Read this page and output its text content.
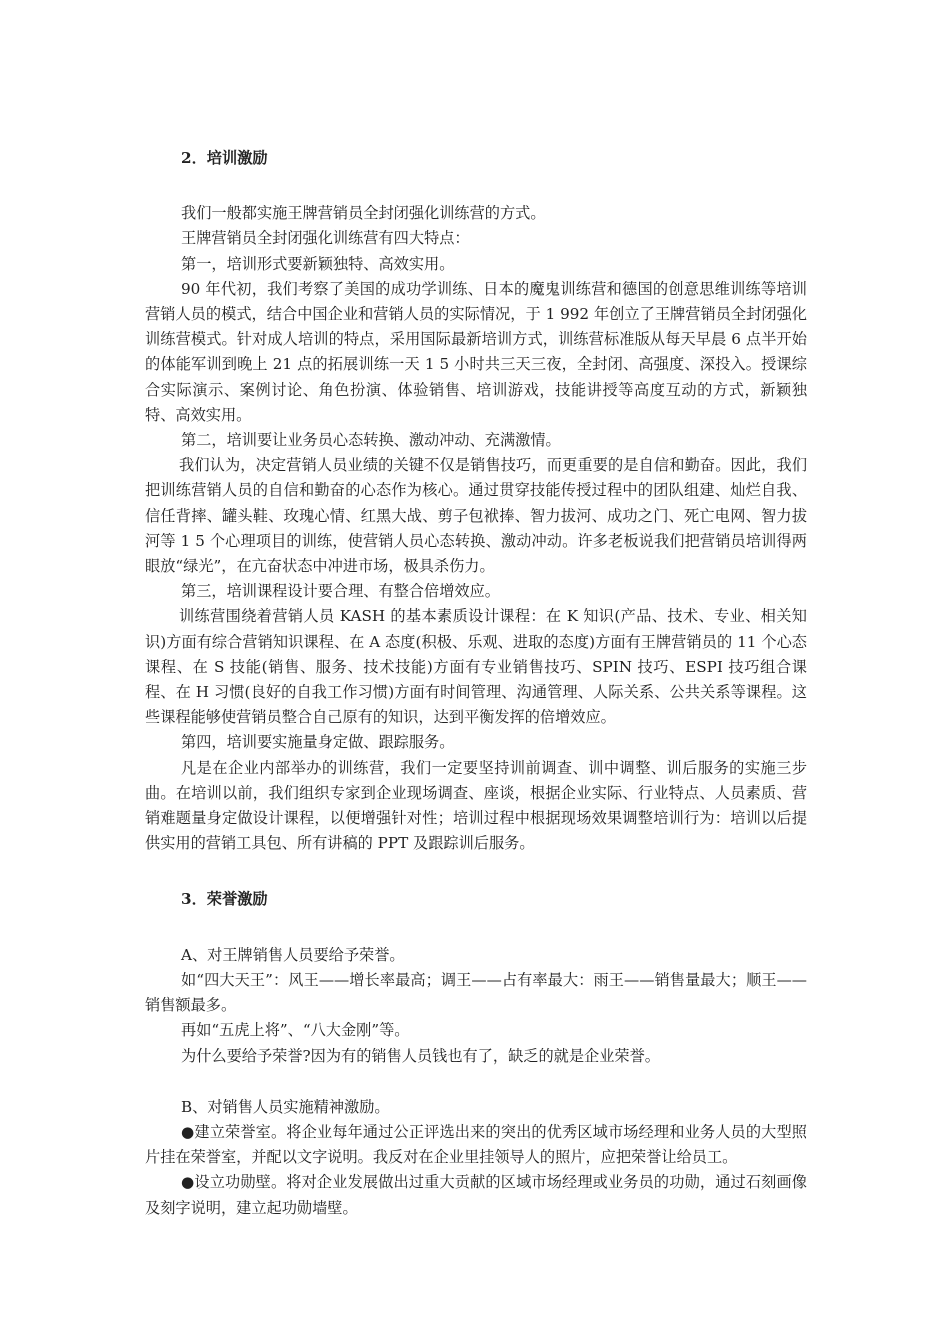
2．培训激励

我们一般都实施王牌营销员全封闭强化训练营的方式。

王牌营销员全封闭强化训练营有四大特点：

第一，培训形式要新颖独特、高效实用。

90 年代初，我们考察了美国的成功学训练、日本的魔鬼训练营和德国的创意思维训练等培训营销人员的模式，结合中国企业和营销人员的实际情况，于 1 992 年创立了王牌营销员全封闭强化训练营模式。针对成人培训的特点，采用国际最新培训方式，训练营标准版从每天早晨 6 点半开始的体能军训到晚上 21 点的拓展训练一天 1 5 小时共三天三夜，全封闭、高强度、深投入。授课综合实际演示、案例讨论、角色扮演、体验销售、培训游戏，技能讲授等高度互动的方式，新颖独特、高效实用。

第二，培训要让业务员心态转换、激动冲动、充满激情。

我们认为，决定营销人员业绩的关键不仅是销售技巧，而更重要的是自信和勤奋。因此，我们把训练营销人员的自信和勤奋的心态作为核心。通过贯穿技能传授过程中的团队组建、灿烂自我、信任背摔、罐头鞋、玫瑰心情、红黑大战、剪子包袱捧、智力拔河、成功之门、死亡电网、智力拔河等 1 5 个心理项目的训练，使营销人员心态转换、激动冲动。许多老板说我们把营销员培训得两眼放“绿光”，在亢奋状态中冲进市场，极具杀伤力。

第三，培训课程设计要合理、有整合倍增效应。

训练营围绕着营销人员 KASH 的基本素质设计课程：在 K 知识(产品、技术、专业、相关知识)方面有综合营销知识课程、在 A 态度(积极、乐观、进取的态度)方面有王牌营销员的 11 个心态课程、在 S 技能(销售、服务、技术技能)方面有专业销售技巧、SPIN 技巧、ESPI 技巧组合课程、在 H 习惯(良好的自我工作习惯)方面有时间管理、沟通管理、人际关系、公共关系等课程。这些课程能够使营销员整合自己原有的知识，达到平衡发挥的倍增效应。

第四，培训要实施量身定做、跟踪服务。

凡是在企业内部举办的训练营，我们一定要坚持训前调查、训中调整、训后服务的实施三步曲。在培训以前，我们组织专家到企业现场调查、座谈，根据企业实际、行业特点、人员素质、营销难题量身定做设计课程，以便增强针对性；培训过程中根据现场效果调整培训行为：培训以后提供实用的营销工具包、所有讲稿的 PPT 及跟踪训后服务。

3．荣誉激励

A、对王牌销售人员要给予荣誉。

如“四大天王”：风王——增长率最高；调王——占有率最大：雨王——销售量最大；顺王——销售额最多。

再如“五虎上将”、“八大金刚”等。

为什么要给予荣誉?因为有的销售人员钱也有了，缺乏的就是企业荣誉。

B、对销售人员实施精神激励。

●建立荣誉室。将企业每年通过公正评选出来的突出的优秀区域市场经理和业务人员的大型照片挂在荣誉室，并配以文字说明。我反对在企业里挂领导人的照片，应把荣誉让给员工。

●设立功勋壁。将对企业发展做出过重大贡献的区域市场经理或业务员的功勋，通过石刻画像及刻字说明，建立起功勋墙壁。
